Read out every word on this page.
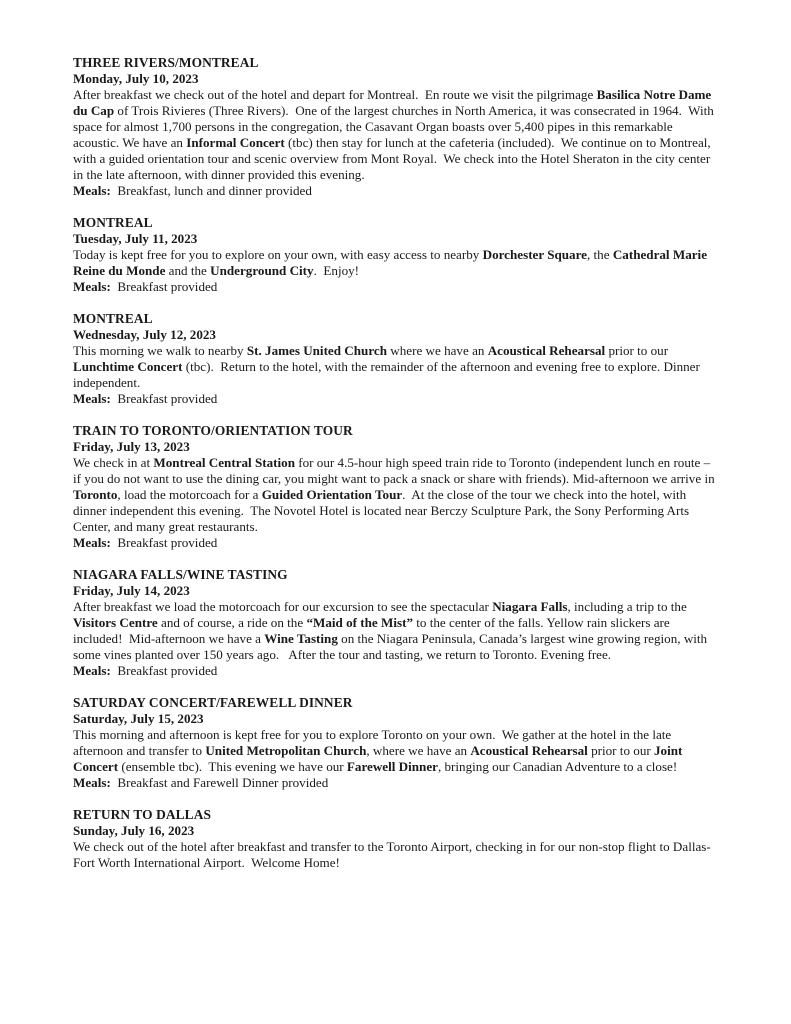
THREE RIVERS/MONTREAL
Monday, July 10, 2023

After breakfast we check out of the hotel and depart for Montreal.  En route we visit the pilgrimage Basilica Notre Dame du Cap of Trois Rivieres (Three Rivers).  One of the largest churches in North America, it was consecrated in 1964.  With space for almost 1,700 persons in the congregation, the Casavant Organ boasts over 5,400 pipes in this remarkable acoustic. We have an Informal Concert (tbc) then stay for lunch at the cafeteria (included).  We continue on to Montreal, with a guided orientation tour and scenic overview from Mont Royal.  We check into the Hotel Sheraton in the city center in the late afternoon, with dinner provided this evening.

Meals:  Breakfast, lunch and dinner provided

MONTREAL
Tuesday, July 11, 2023

Today is kept free for you to explore on your own, with easy access to nearby Dorchester Square, the Cathedral Marie Reine du Monde and the Underground City.  Enjoy!

Meals:  Breakfast provided

MONTREAL
Wednesday, July 12, 2023

This morning we walk to nearby St. James United Church where we have an Acoustical Rehearsal prior to our Lunchtime Concert (tbc).  Return to the hotel, with the remainder of the afternoon and evening free to explore. Dinner independent.

Meals:  Breakfast provided

TRAIN TO TORONTO/ORIENTATION TOUR
Friday, July 13, 2023

We check in at Montreal Central Station for our 4.5-hour high speed train ride to Toronto (independent lunch en route – if you do not want to use the dining car, you might want to pack a snack or share with friends). Mid-afternoon we arrive in Toronto, load the motorcoach for a Guided Orientation Tour.  At the close of the tour we check into the hotel, with dinner independent this evening.  The Novotel Hotel is located near Berczy Sculpture Park, the Sony Performing Arts Center, and many great restaurants.

Meals:  Breakfast provided

NIAGARA FALLS/WINE TASTING
Friday, July 14, 2023

After breakfast we load the motorcoach for our excursion to see the spectacular Niagara Falls, including a trip to the Visitors Centre and of course, a ride on the “Maid of the Mist” to the center of the falls. Yellow rain slickers are included!  Mid-afternoon we have a Wine Tasting on the Niagara Peninsula, Canada’s largest wine growing region, with some vines planted over 150 years ago.   After the tour and tasting, we return to Toronto. Evening free.

Meals:  Breakfast provided

SATURDAY CONCERT/FAREWELL DINNER
Saturday, July 15, 2023

This morning and afternoon is kept free for you to explore Toronto on your own.  We gather at the hotel in the late afternoon and transfer to United Metropolitan Church, where we have an Acoustical Rehearsal prior to our Joint Concert (ensemble tbc).  This evening we have our Farewell Dinner, bringing our Canadian Adventure to a close!

Meals:  Breakfast and Farewell Dinner provided

RETURN TO DALLAS
Sunday, July 16, 2023

We check out of the hotel after breakfast and transfer to the Toronto Airport, checking in for our non-stop flight to Dallas-Fort Worth International Airport.  Welcome Home!
